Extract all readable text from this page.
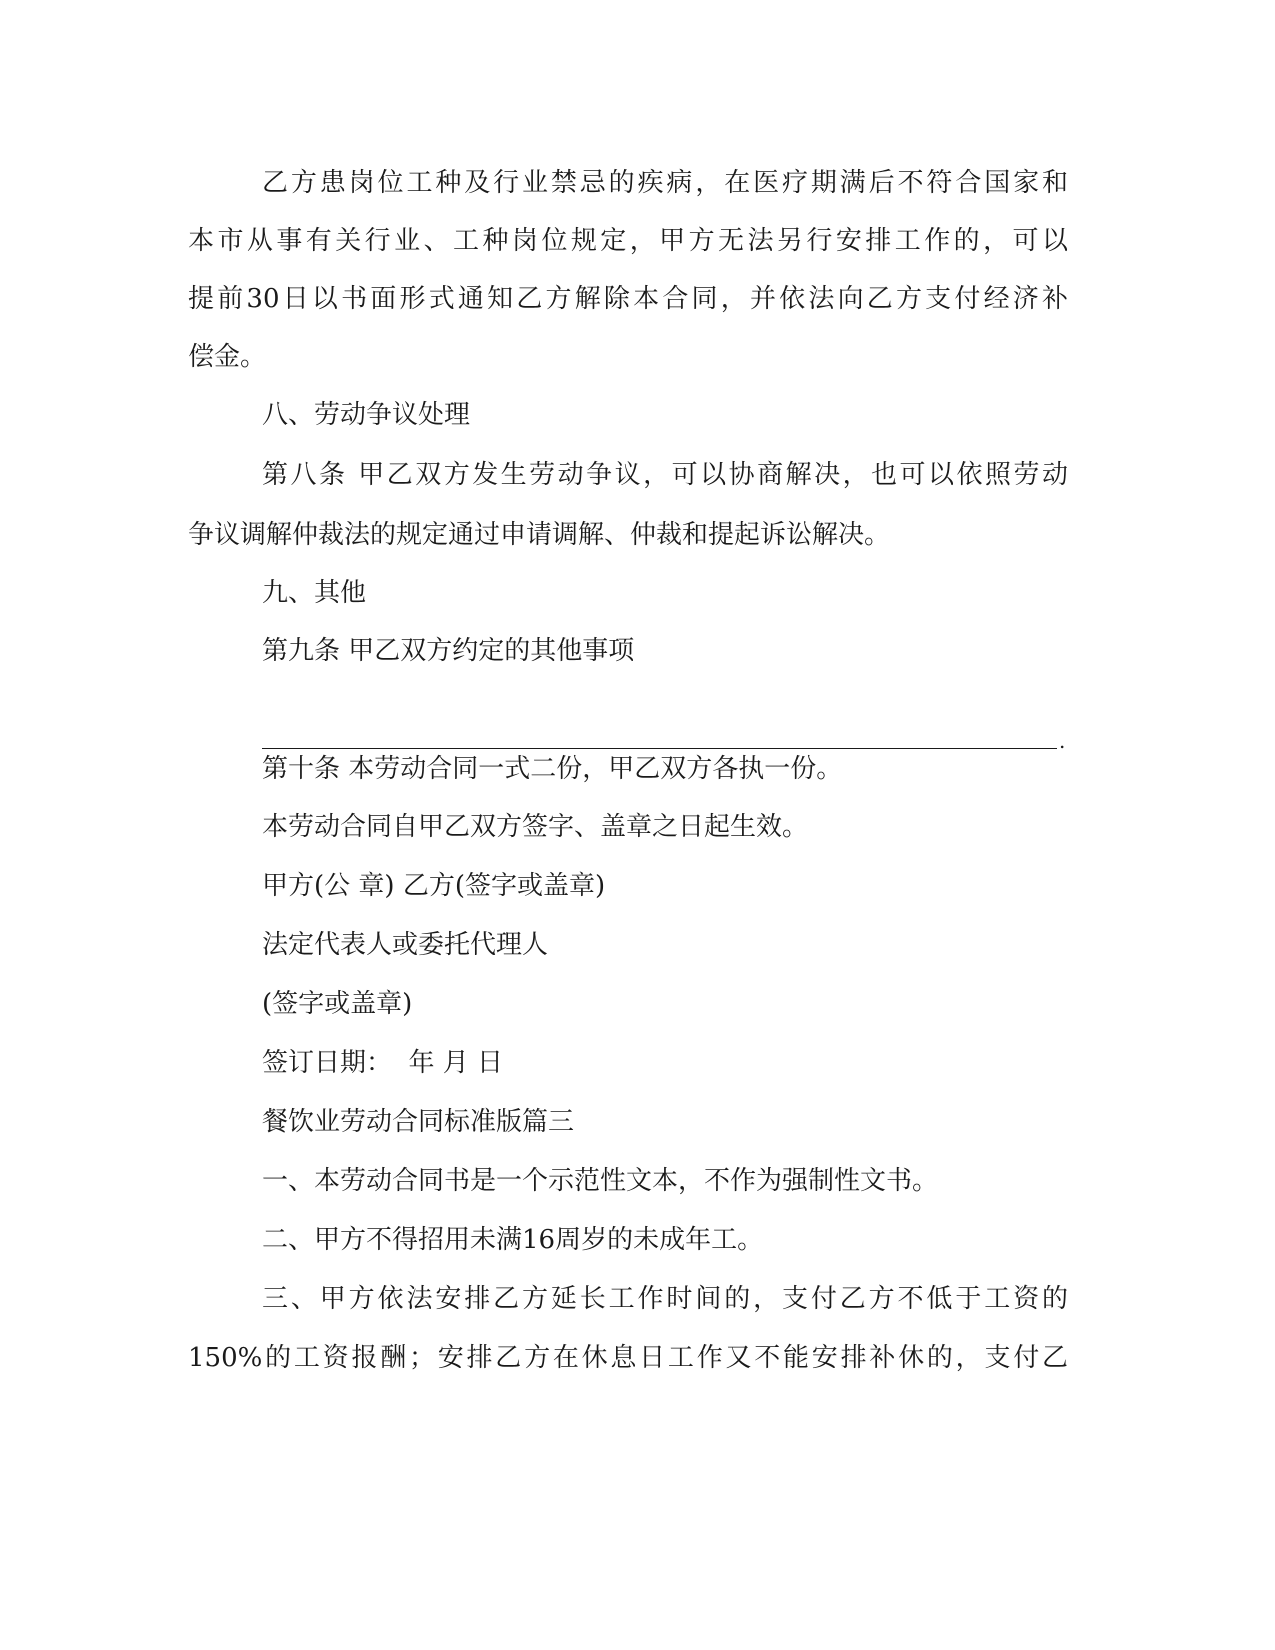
乙方患岗位工种及行业禁忌的疾病，在医疗期满后不符合国家和

本市从事有关行业、工种岗位规定，甲方无法另行安排工作的，可以

提前30日以书面形式通知乙方解除本合同，并依法向乙方支付经济补

偿金。

八、劳动争议处理

第八条 甲乙双方发生劳动争议，可以协商解决，也可以依照劳动

争议调解仲裁法的规定通过申请调解、仲裁和提起诉讼解决。

九、其他

第九条 甲乙双方约定的其他事项

.

第十条 本劳动合同一式二份，甲乙双方各执一份。

本劳动合同自甲乙双方签字、盖章之日起生效。

甲方(公 章) 乙方(签字或盖章)

法定代表人或委托代理人

(签字或盖章)

签订日期：  年 月 日

餐饮业劳动合同标准版篇三

一、本劳动合同书是一个示范性文本，不作为强制性文书。

二、甲方不得招用未满16周岁的未成年工。

三、甲方依法安排乙方延长工作时间的，支付乙方不低于工资的

150%的工资报酬；安排乙方在休息日工作又不能安排补休的，支付乙
